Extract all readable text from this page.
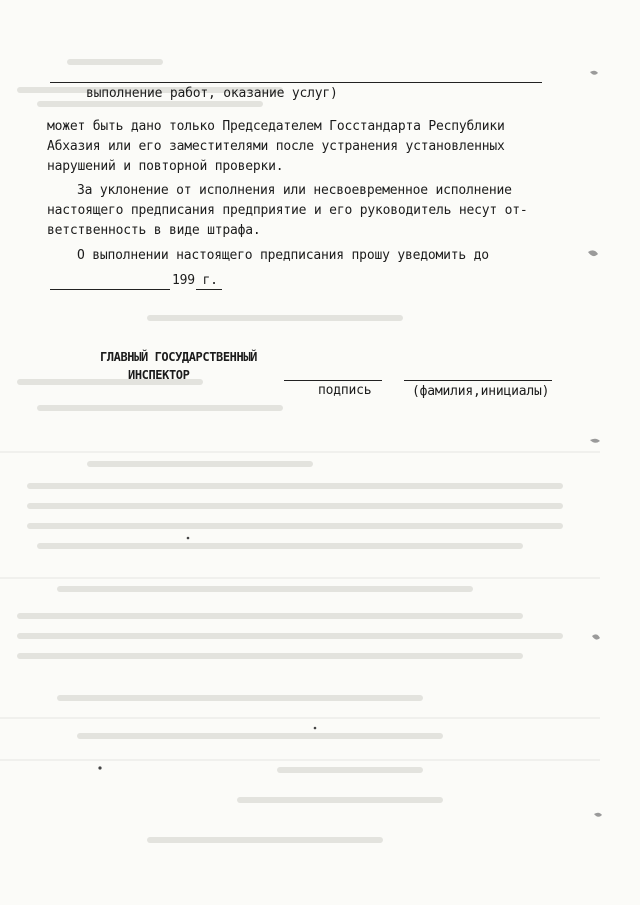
выполнение работ, оказание услуг)
может быть дано только Председателем Госстандарта Республики
Абхазия или его заместителями после устранения установленных
нарушений и повторной проверки.
За уклонение от исполнения или несвоевременное исполнение
настоящего предписания предприятие и его руководитель несут от-
ветственность в виде штрафа.
О выполнении настоящего предписания прошу уведомить до
199 г.
ГЛАВНЫЙ ГОСУДАРСТВЕННЫЙ
ИНСПЕКТОР
подпись	(фамилия,инициалы)
